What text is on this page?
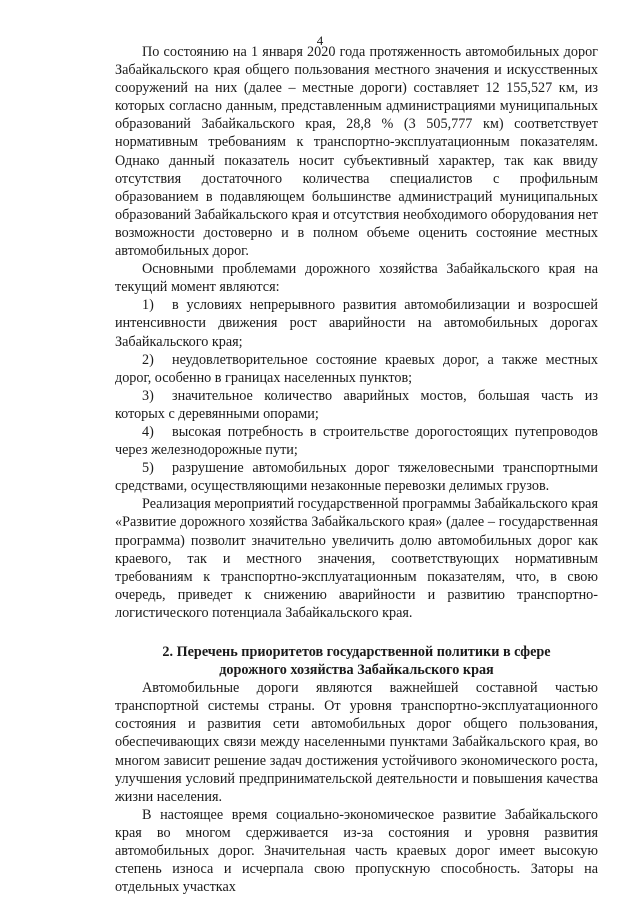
4

По состоянию на 1 января 2020 года протяженность автомобильных дорог Забайкальского края общего пользования местного значения и искусственных сооружений на них (далее – местные дороги) составляет 12 155,527 км, из которых согласно данным, представленным администрациями муниципальных образований Забайкальского края, 28,8 % (3 505,777 км) соответствует нормативным требованиям к транспортно-эксплуатационным показателям. Однако данный показатель носит субъективный характер, так как ввиду отсутствия достаточного количества специалистов с профильным образованием в подавляющем большинстве администраций муниципальных образований Забайкальского края и отсутствия необходимого оборудования нет возможности достоверно и в полном объеме оценить состояние местных автомобильных дорог.

Основными проблемами дорожного хозяйства Забайкальского края на текущий момент являются:

1) в условиях непрерывного развития автомобилизации и возросшей интенсивности движения рост аварийности на автомобильных дорогах Забайкальского края;

2) неудовлетворительное состояние краевых дорог, а также местных дорог, особенно в границах населенных пунктов;

3) значительное количество аварийных мостов, большая часть из которых с деревянными опорами;

4) высокая потребность в строительстве дорогостоящих путепроводов через железнодорожные пути;

5) разрушение автомобильных дорог тяжеловесными транспортными средствами, осуществляющими незаконные перевозки делимых грузов.

Реализация мероприятий государственной программы Забайкальского края «Развитие дорожного хозяйства Забайкальского края» (далее – государственная программа) позволит значительно увеличить долю автомобильных дорог как краевого, так и местного значения, соответствующих нормативным требованиям к транспортно-эксплуатационным показателям, что, в свою очередь, приведет к снижению аварийности и развитию транспортно-логистического потенциала Забайкальского края.

2. Перечень приоритетов государственной политики в сфере
дорожного хозяйства Забайкальского края

Автомобильные дороги являются важнейшей составной частью транспортной системы страны. От уровня транспортно-эксплуатационного состояния и развития сети автомобильных дорог общего пользования, обеспечивающих связи между населенными пунктами Забайкальского края, во многом зависит решение задач достижения устойчивого экономического роста, улучшения условий предпринимательской деятельности и повышения качества жизни населения.

В настоящее время социально-экономическое развитие Забайкальского края во многом сдерживается из-за состояния и уровня развития автомобильных дорог. Значительная часть краевых дорог имеет высокую степень износа и исчерпала свою пропускную способность. Заторы на отдельных участках
